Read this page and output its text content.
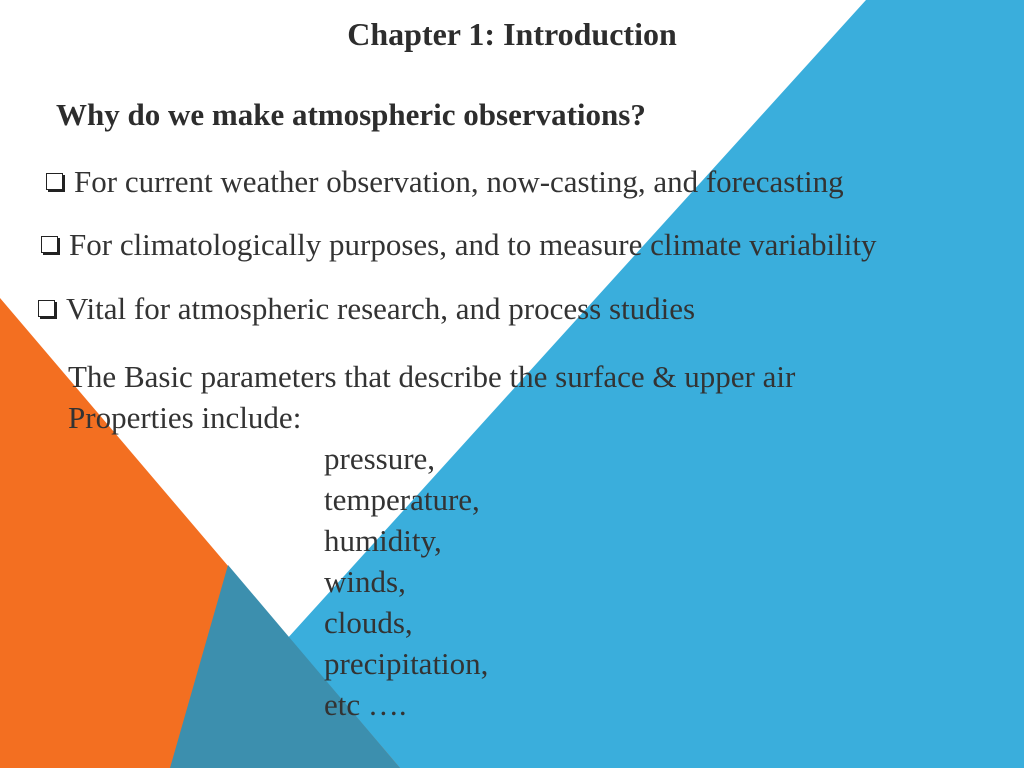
Chapter 1: Introduction
Why do we make atmospheric observations?
For current weather observation, now-casting, and forecasting
For climatologically purposes, and to measure climate variability
Vital for atmospheric research, and process studies
The Basic parameters that describe the surface & upper air
Properties include:
pressure,
temperature,
humidity,
winds,
clouds,
precipitation,
etc ….
